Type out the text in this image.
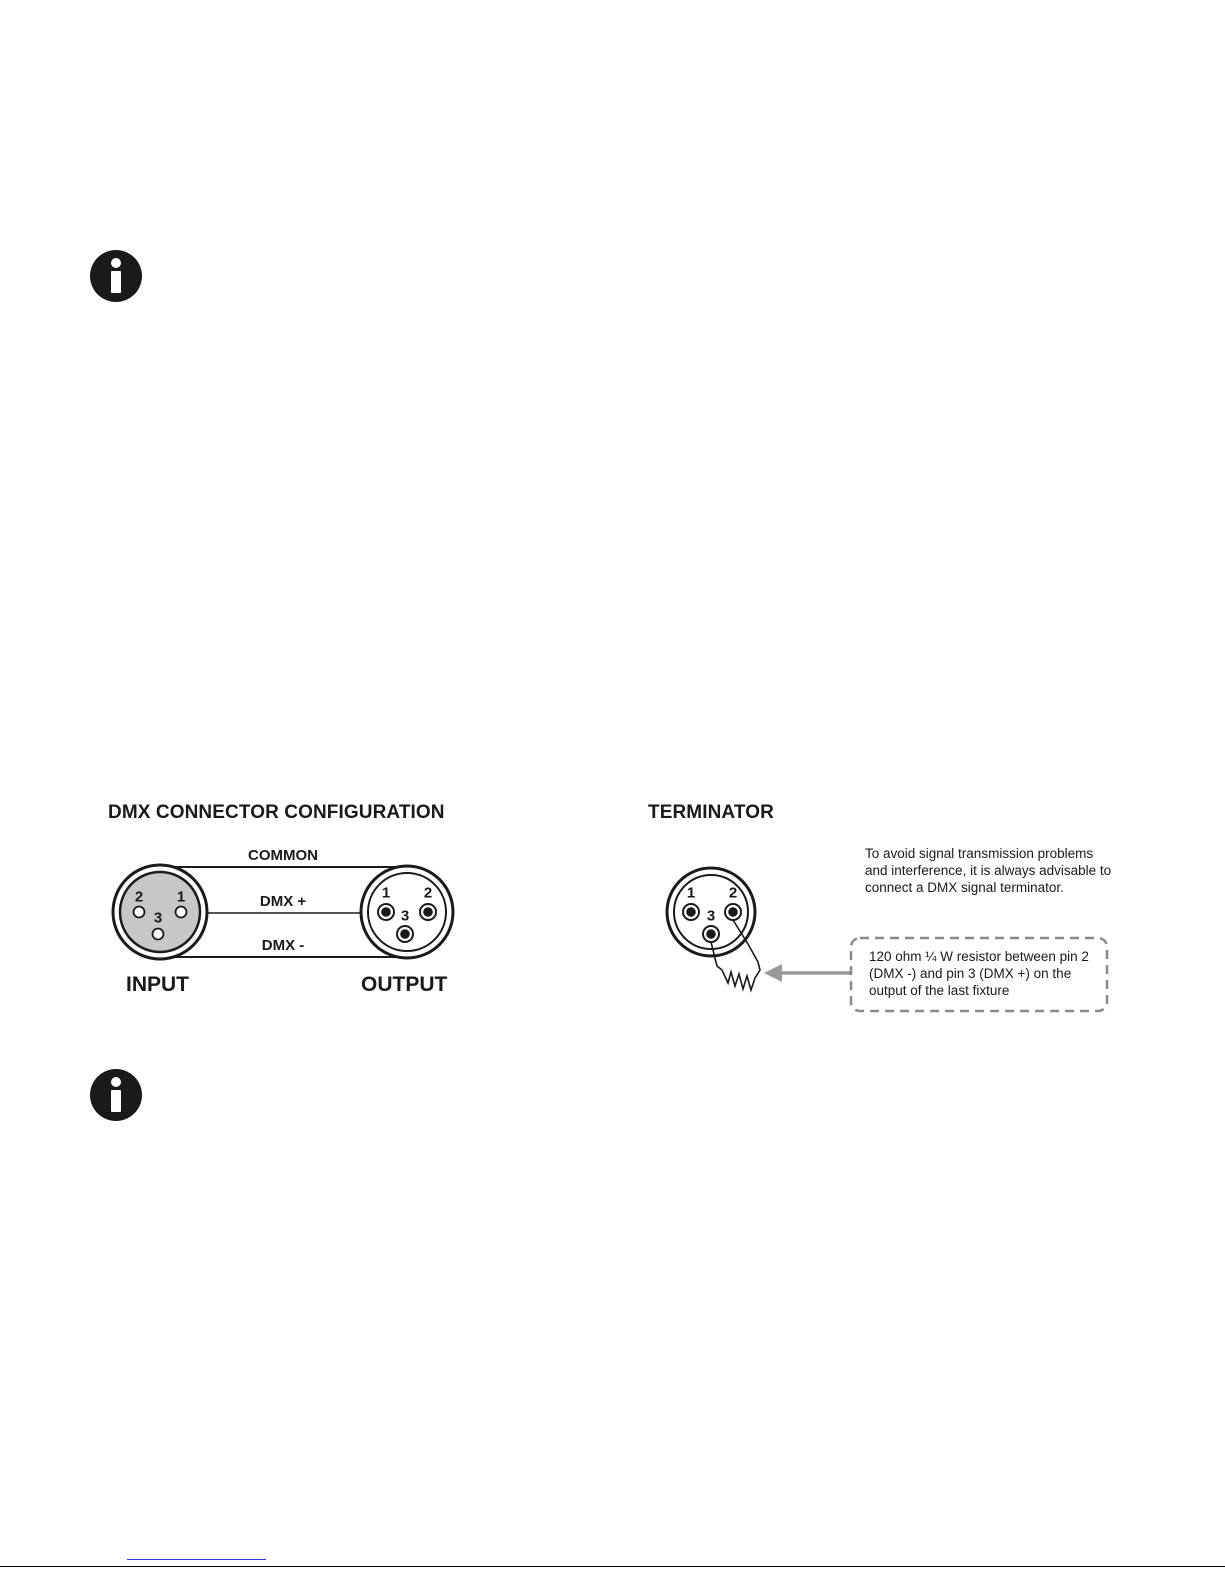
DMX CONNECTOR CONFIGURATION	TERMINATOR
COMMON
DMX +
DMX -
2 1
3
1 2
3
1 2
3
INPUT	OUTPUT
To avoid signal transmission problems and interference, it is always advisable to connect a DMX signal terminator.
120 ohm ¼ W resistor between pin 2 (DMX -) and pin 3 (DMX +) on the output of the last fixture
